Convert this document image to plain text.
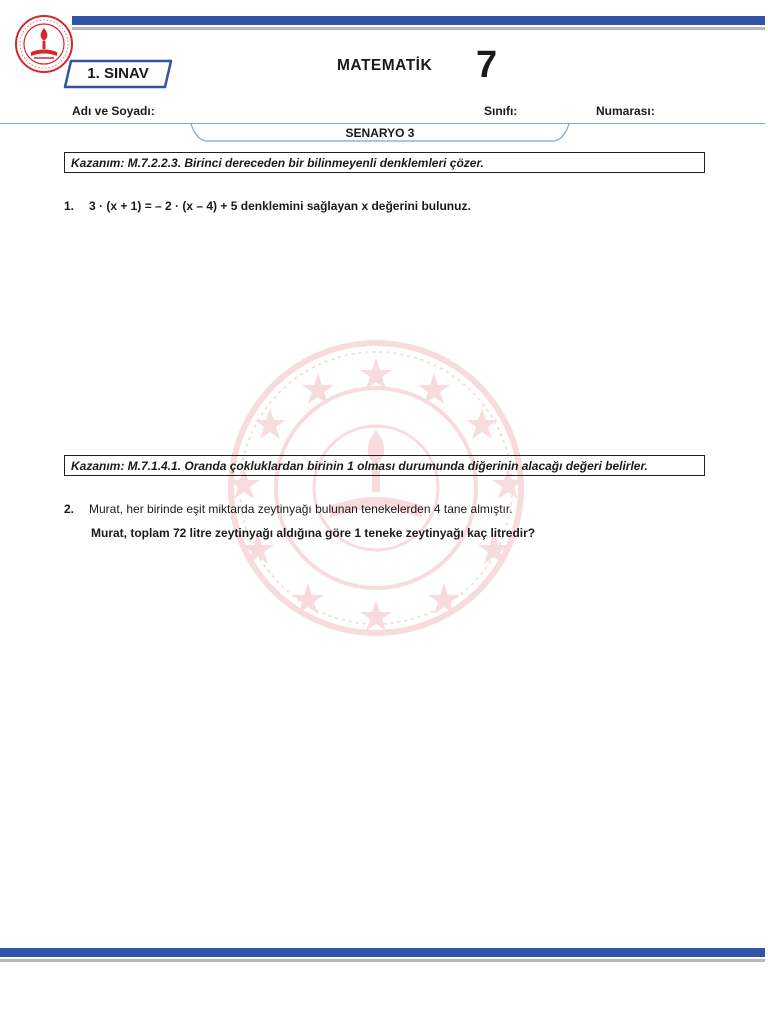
1. SINAV	MATEMATİK 7
Adı ve Soyadı:	Sınıfı:	Numarası:
SENARYO 3
Kazanım: M.7.2.2.3. Birinci dereceden bir bilinmeyenli denklemleri çözer.
1. 3 · (x + 1) = – 2 · (x – 4) + 5 denklemini sağlayan x değerini bulunuz.
Kazanım: M.7.1.4.1. Oranda çokluklardan birinin 1 olması durumunda diğerinin alacağı değeri belirler.
2. Murat, her birinde eşit miktarda zeytinyağı bulunan tenekelerden 4 tane almıştır.
Murat, toplam 72 litre zeytinyağı aldığına göre 1 teneke zeytinyağı kaç litredir?
